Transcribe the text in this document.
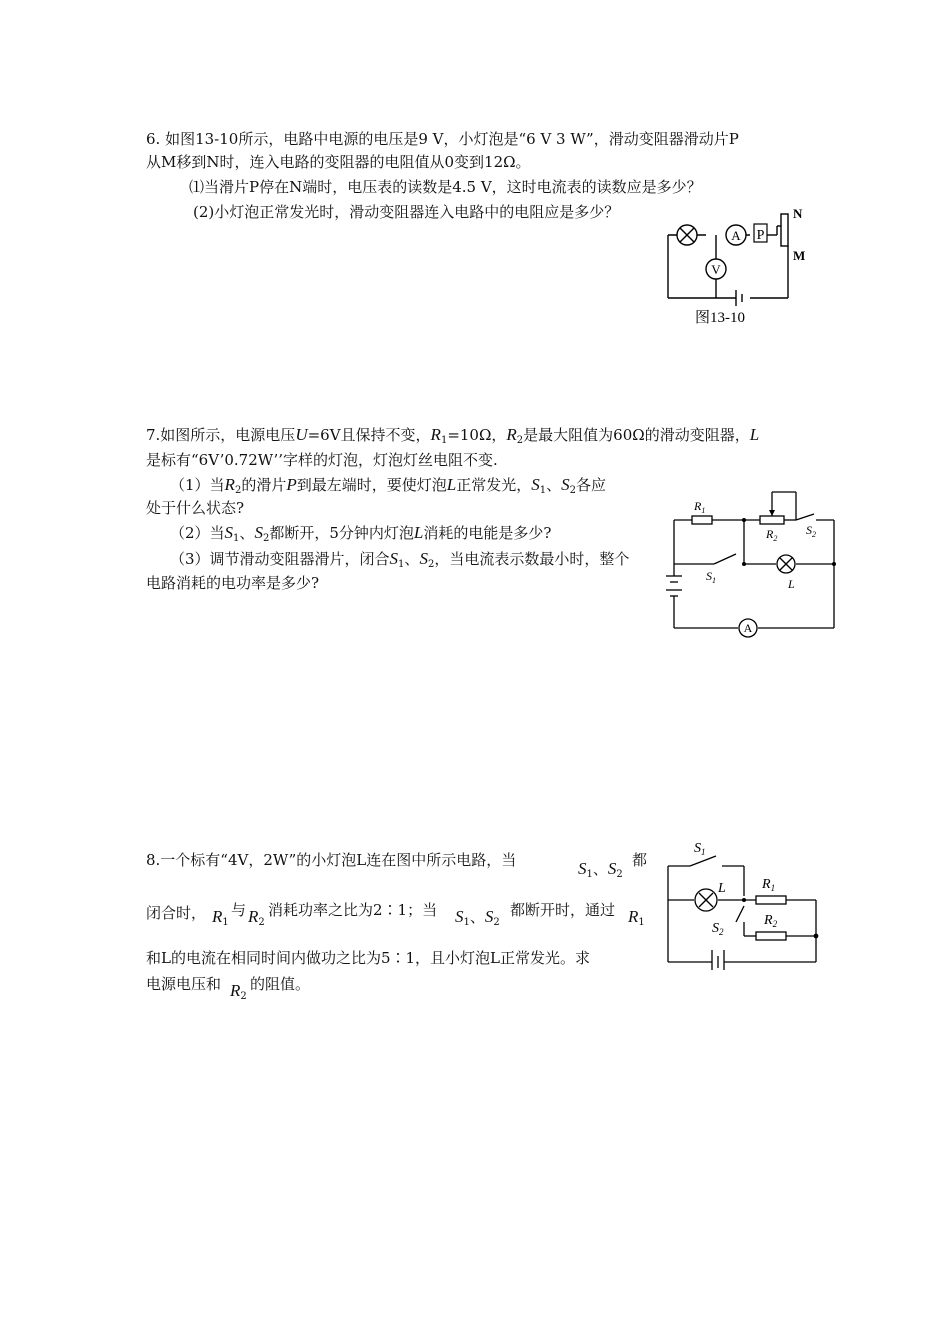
6. 如图13-10所示，电路中电源的电压是9 V，小灯泡是“6 V 3 W”，滑动变阻器滑动片P
从M移到N时，连入电路的变阻器的电阻值从0变到12Ω。
⑴当滑片P停在N端时，电压表的读数是4.5 V，这时电流表的读数应是多少？
(2)小灯泡正常发光时，滑动变阻器连入电路中的电阻应是多少？
A
V
P
N
M
图13-10
7.如图所示，电源电压U=6V且保持不变，$R_1=10\Omega$，$R_2$是最大阻值为60Ω的滑动变阻器，L
是标有“6V’0.72W’’字样的灯泡，灯泡灯丝电阻不变.
（1）当$R_2$的滑片P到最左端时，要使灯泡L正常发光，$S_1$、$S_2$各应
处于什么状态?
（2）当$S_1$、$S_2$都断开，5分钟内灯泡L消耗的电能是多少?
（3）调节滑动变阻器滑片，闭合$S_1$、$S_2$，当电流表示数最小时，整个
电路消耗的电功率是多少?
A
$R_1$
$R_2$
$S_2$
$S_1$	L
8.一个标有“4V，2W”的小灯泡L连在图中所示电路，当	$S_1$、$S_2$
都
闭合时， $R_1$
与 $R_2$
消耗功率之比为2∶1；当 $S_1$、$S_2$
都断开时，通过 $R_1$
和L的电流在相同时间内做功之比为5∶1，且小灯泡L正常发光。求
电源电压和 $R_2$
的阻值。
$S_1$
L	$R_1$
$R_2$
$S_2$
